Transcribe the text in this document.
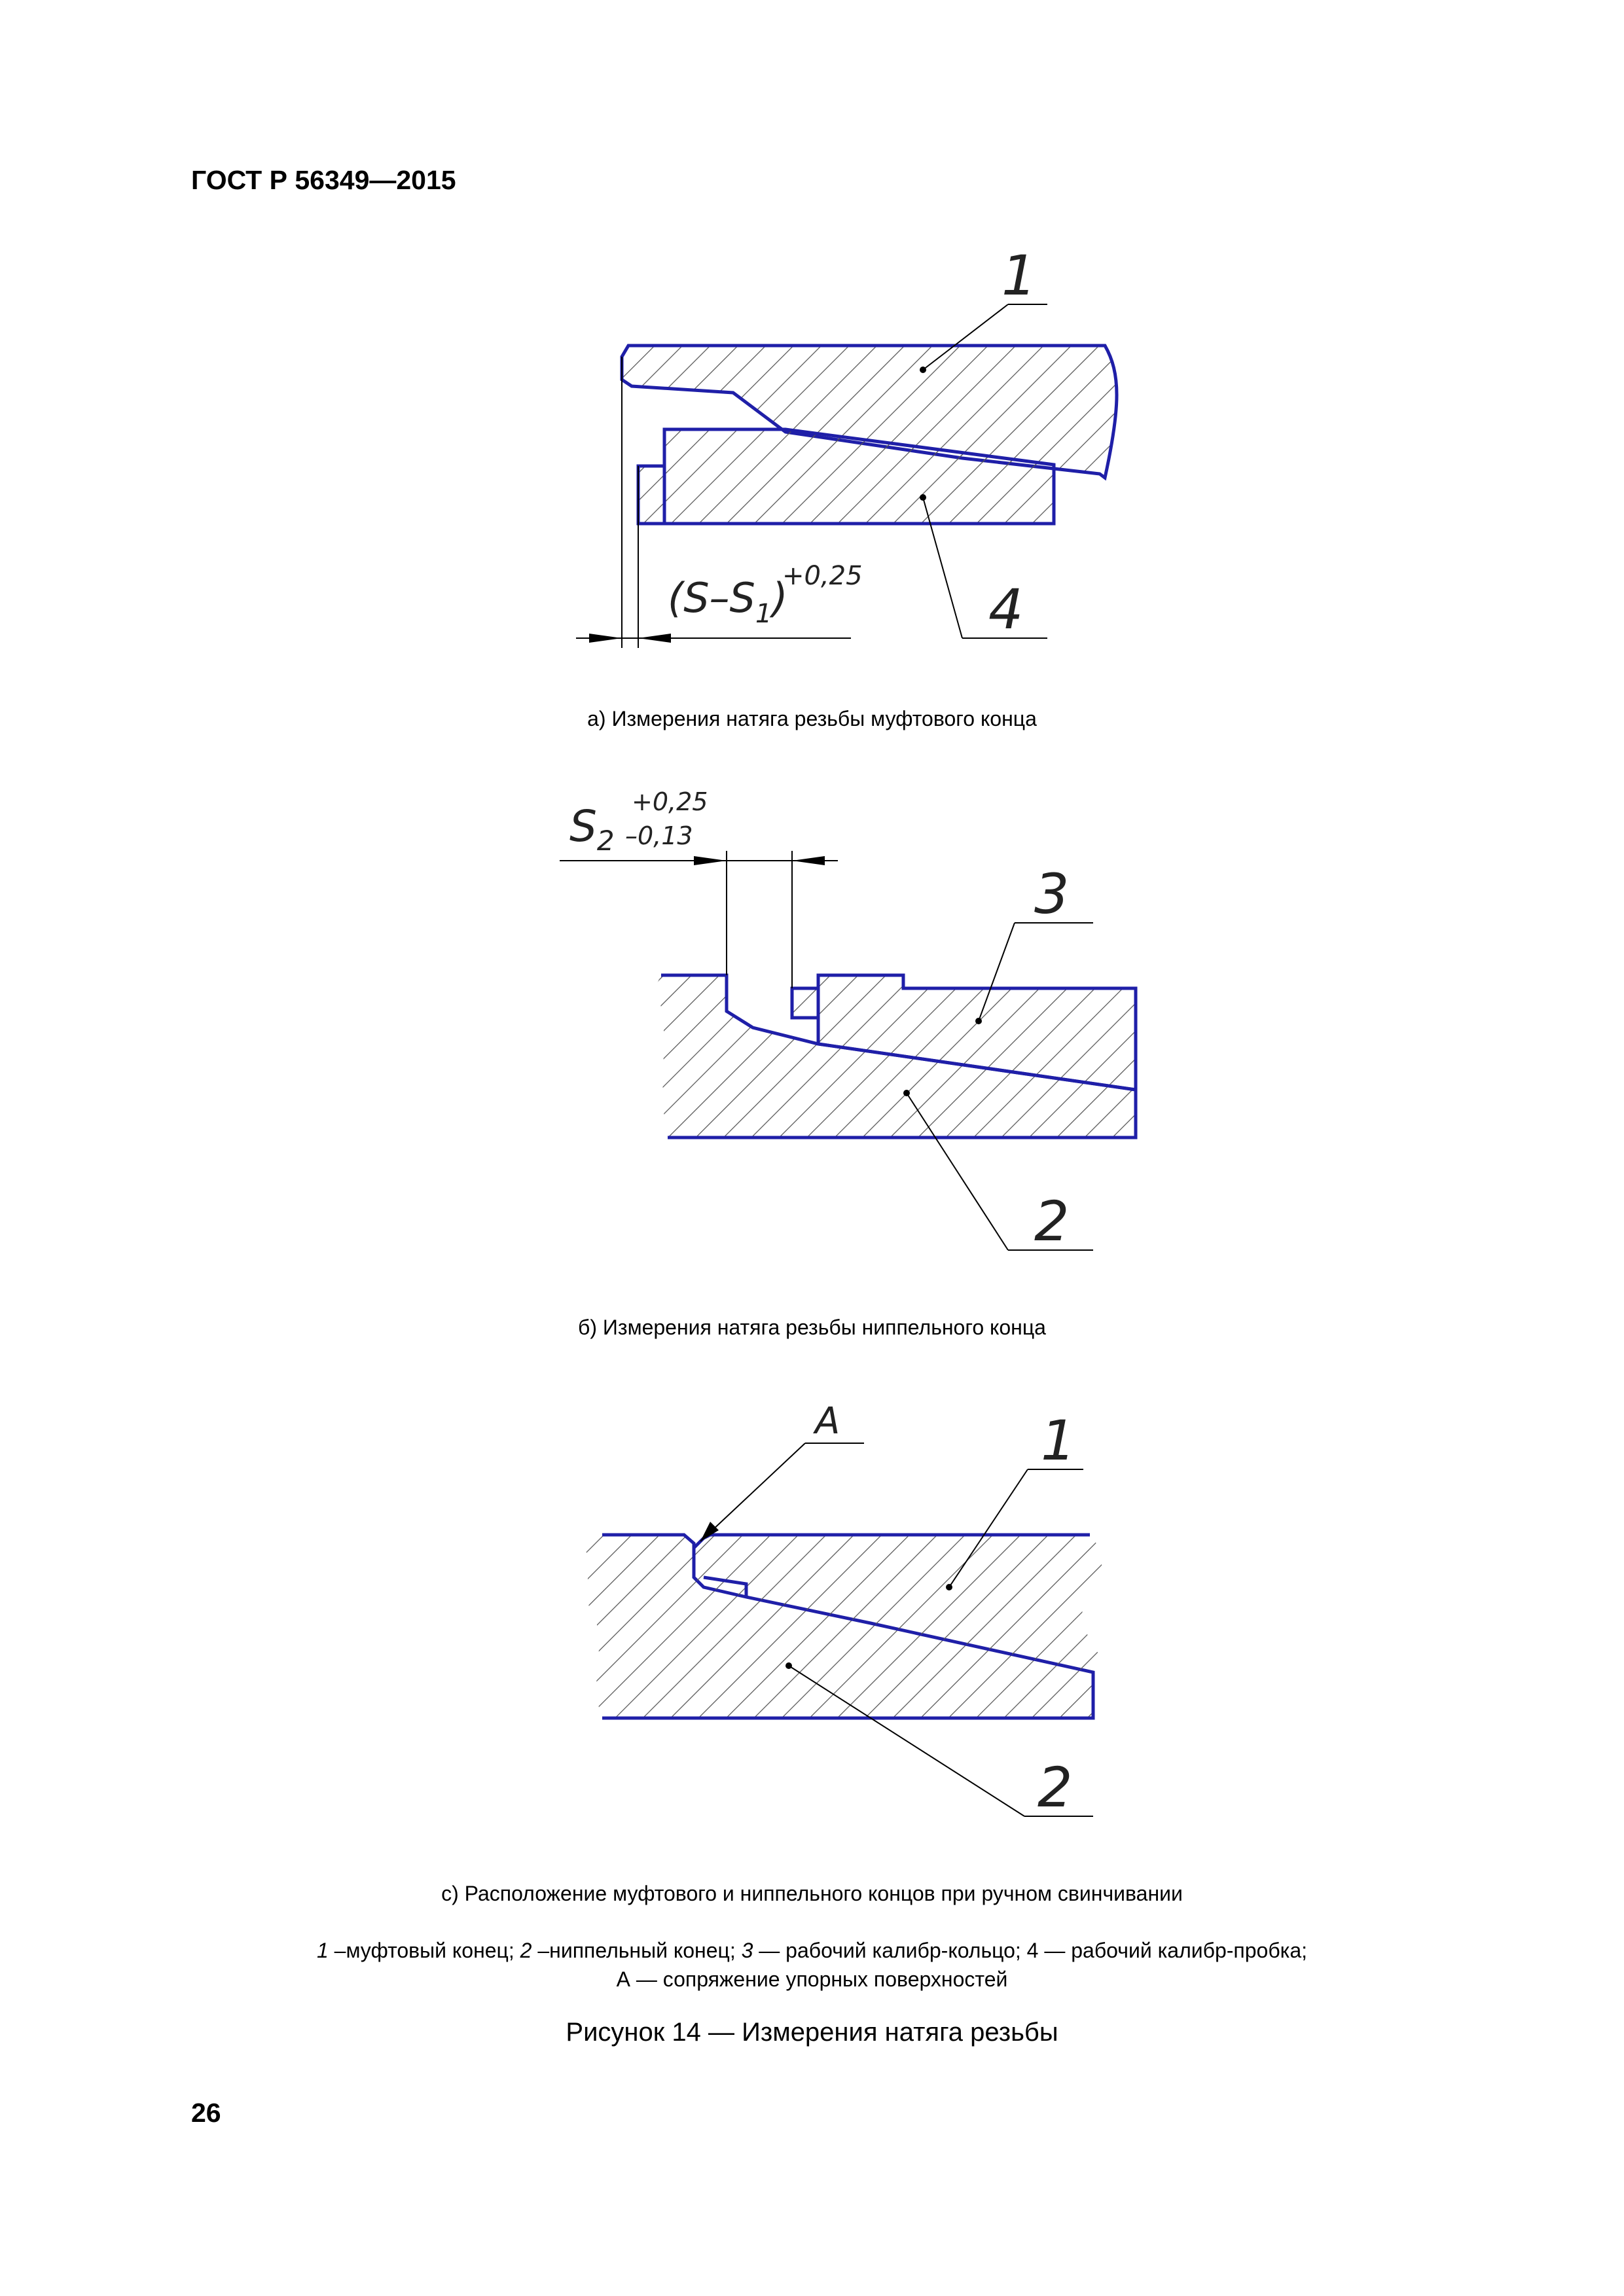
ГОСТ Р 56349—2015
1
4
$(S-S_1)$
+0,25
а) Измерения натяга резьбы муфтового конца
3
2
$S_2$
+0,25
–0,13
б) Измерения натяга резьбы ниппельного конца
А	1
2
с) Расположение муфтового и ниппельного концов при ручном свинчивании
1 –муфтовый конец; 2 –ниппельный конец; 3 — рабочий калибр-кольцо; 4 — рабочий калибр-пробка;
А — сопряжение упорных поверхностей
Рисунок 14 — Измерения натяга резьбы
26
